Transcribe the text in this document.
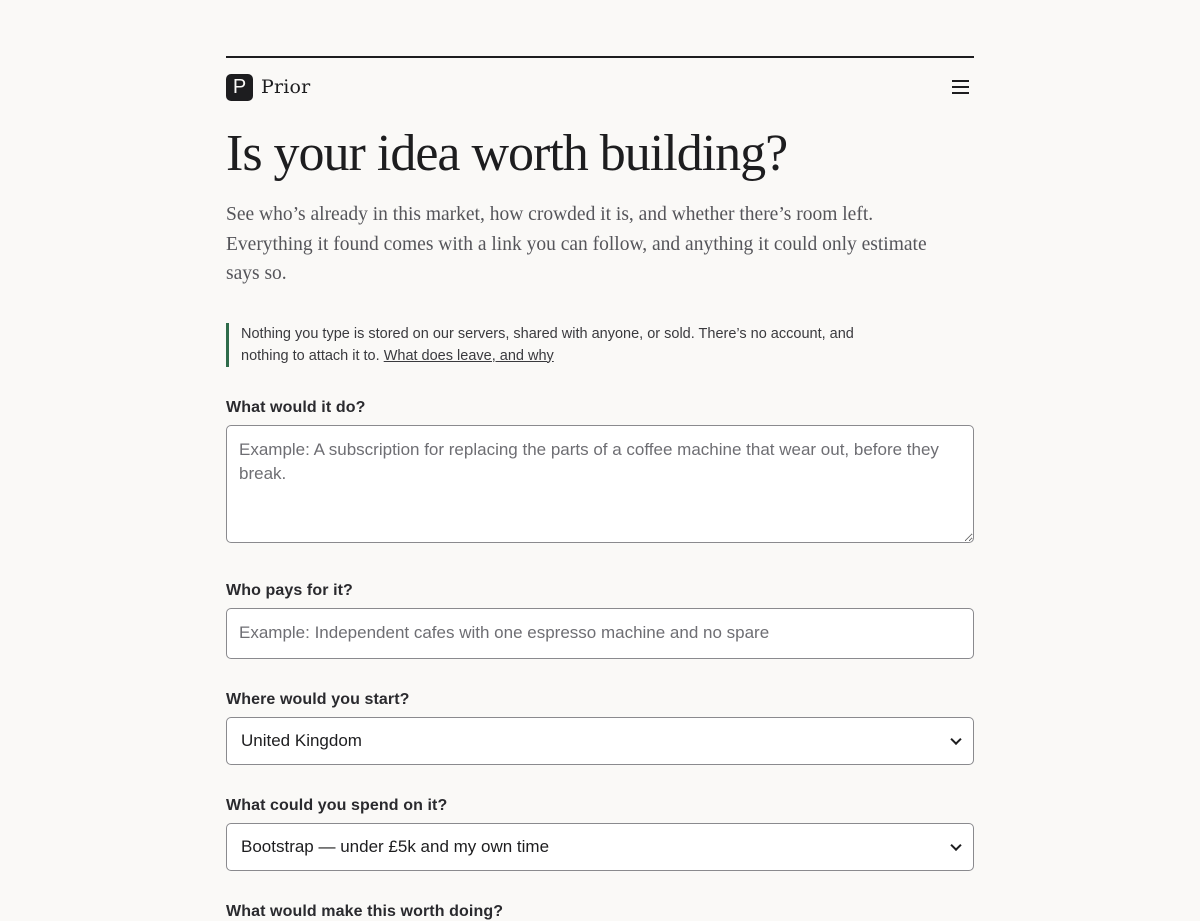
P Prior
Is your idea worth building?

See who’s already in this market, how crowded it is, and whether there’s room left. Everything it found comes with a link you can follow, and anything it could only estimate says so.

Nothing you type is stored on our servers, shared with anyone, or sold. There’s no account, and nothing to attach it to. What does leave, and why
What would it do?
Example: A subscription for replacing the parts of a coffee machine that wear out, before they break.
Who pays for it?
Example: Independent cafes with one espresso machine and no spare
Where would you start?
United Kingdom
What could you spend on it?
Bootstrap — under £5k and my own time
What would make this worth doing?
